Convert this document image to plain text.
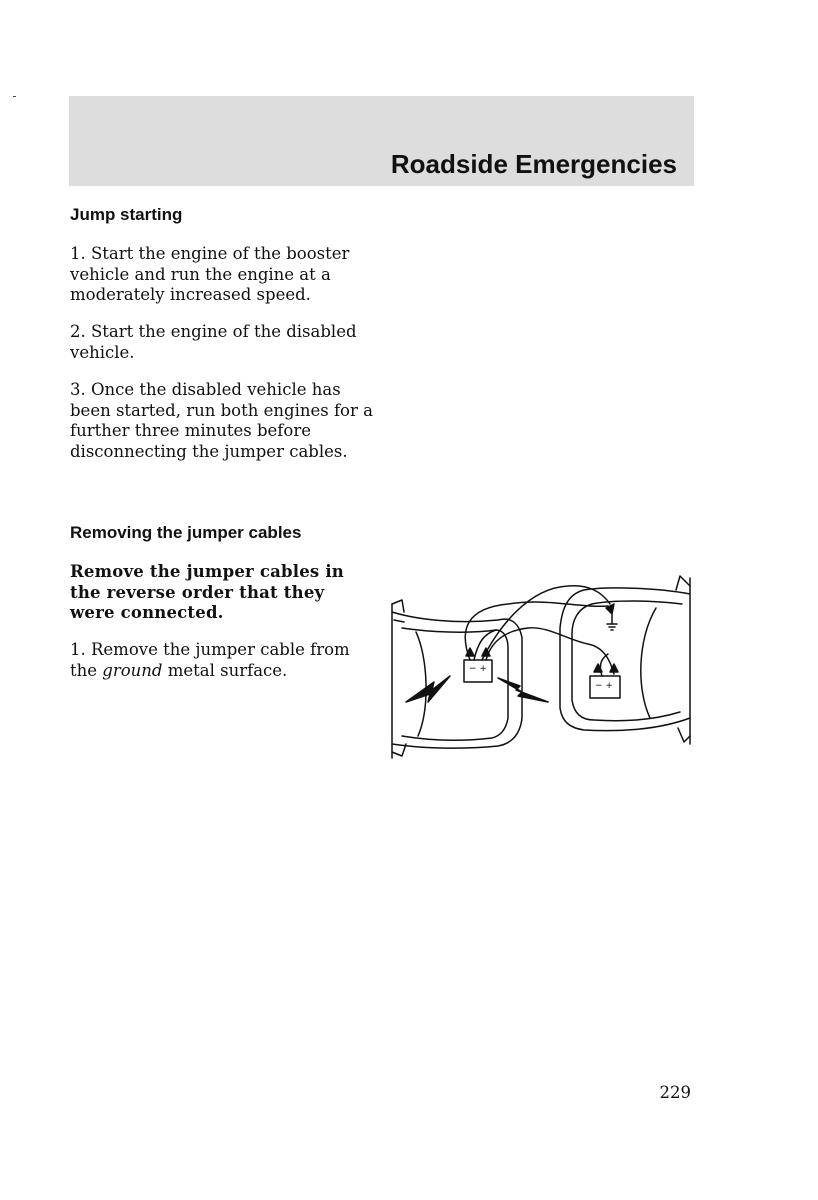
Roadside Emergencies
Jump starting
1. Start the engine of the booster vehicle and run the engine at a moderately increased speed.
2. Start the engine of the disabled vehicle.
3. Once the disabled vehicle has been started, run both engines for a further three minutes before disconnecting the jumper cables.
Removing the jumper cables
Remove the jumper cables in the reverse order that they were connected.
1. Remove the jumper cable from the ground metal surface.	− +
− +
229
